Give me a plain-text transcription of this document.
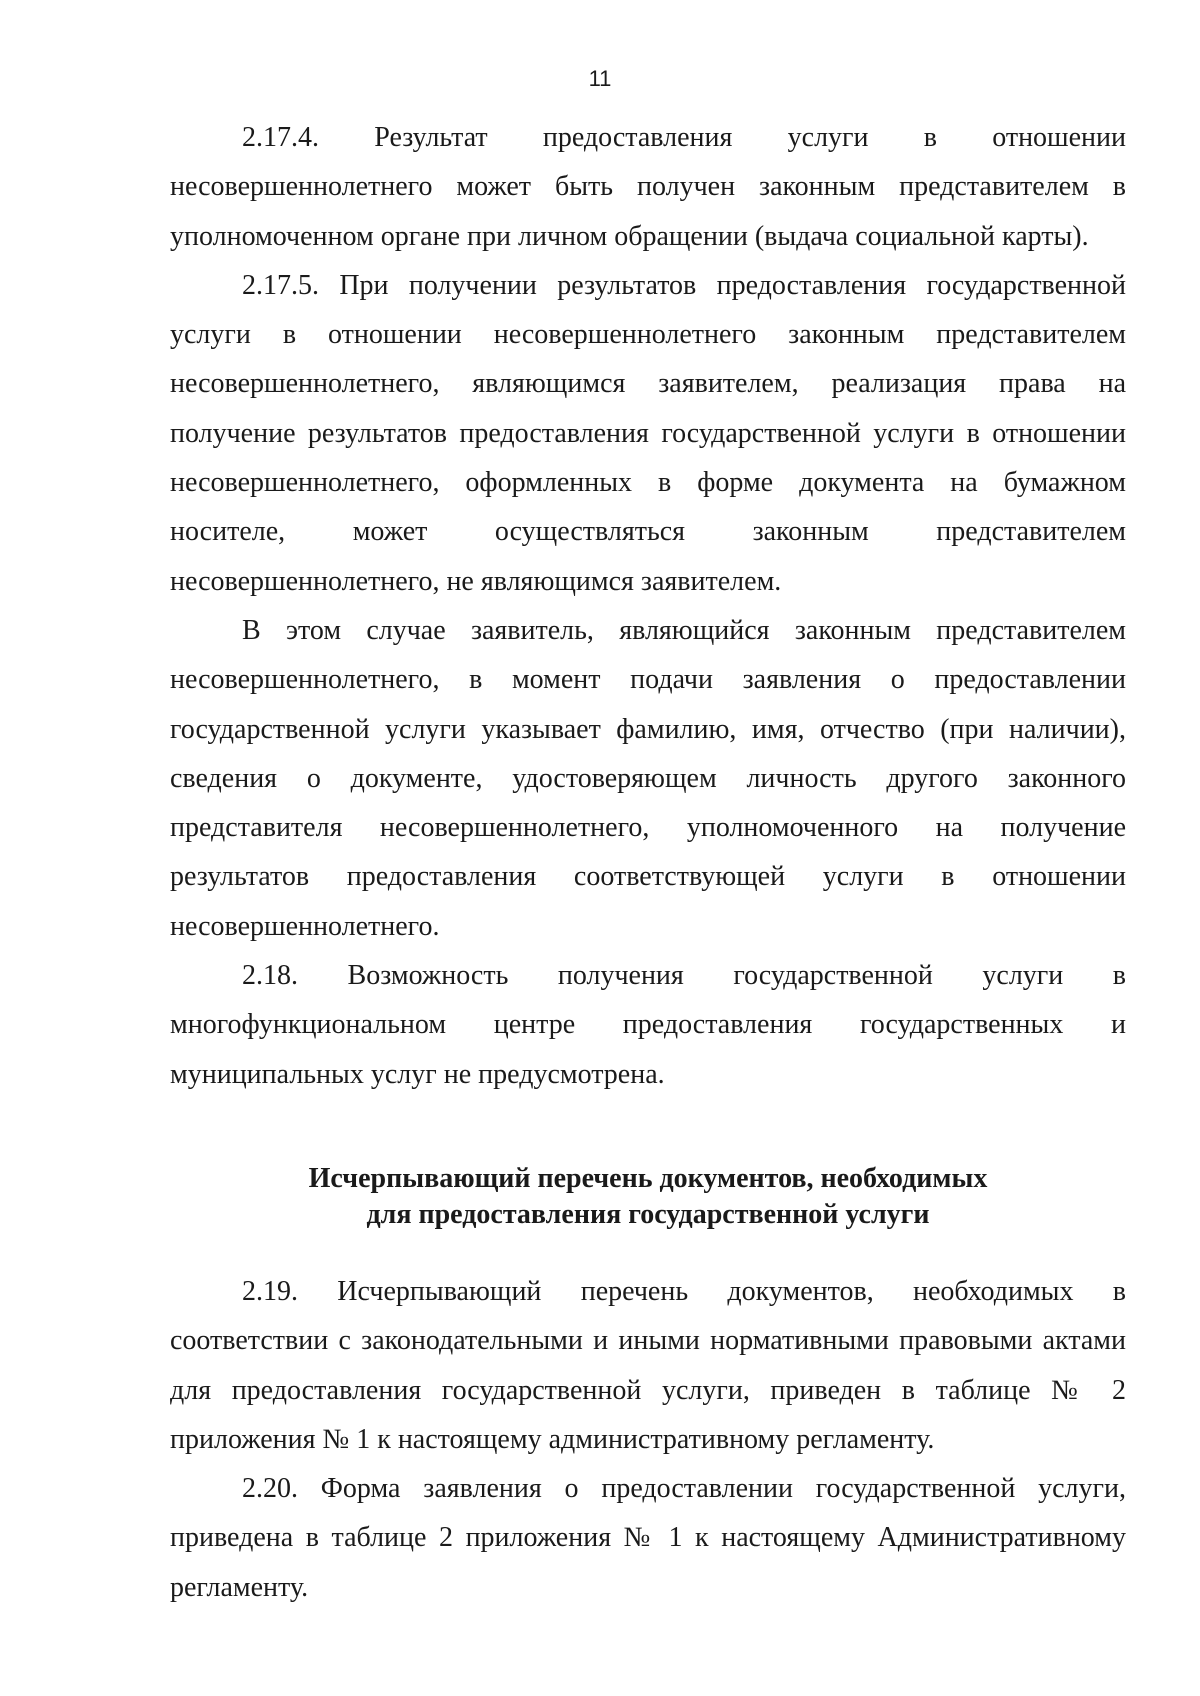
11

2.17.4. Результат предоставления услуги в отношении несовершеннолетнего может быть получен законным представителем в уполномоченном органе при личном обращении (выдача социальной карты).

2.17.5. При получении результатов предоставления государственной услуги в отношении несовершеннолетнего законным представителем несовершеннолетнего, являющимся заявителем, реализация права на получение результатов предоставления государственной услуги в отношении несовершеннолетнего, оформленных в форме документа на бумажном носителе, может осуществляться законным представителем несовершеннолетнего, не являющимся заявителем.

В этом случае заявитель, являющийся законным представителем несовершеннолетнего, в момент подачи заявления о предоставлении государственной услуги указывает фамилию, имя, отчество (при наличии), сведения о документе, удостоверяющем личность другого законного представителя несовершеннолетнего, уполномоченного на получение результатов предоставления соответствующей услуги в отношении несовершеннолетнего.

2.18. Возможность получения государственной услуги в многофункциональном центре предоставления государственных и муниципальных услуг не предусмотрена.

Исчерпывающий перечень документов, необходимых
для предоставления государственной услуги

2.19. Исчерпывающий перечень документов, необходимых в соответствии с законодательными и иными нормативными правовыми актами для предоставления государственной услуги, приведен в таблице № 2 приложения № 1 к настоящему административному регламенту.

2.20. Форма заявления о предоставлении государственной услуги, приведена в таблице 2 приложения № 1 к настоящему Административному регламенту.
